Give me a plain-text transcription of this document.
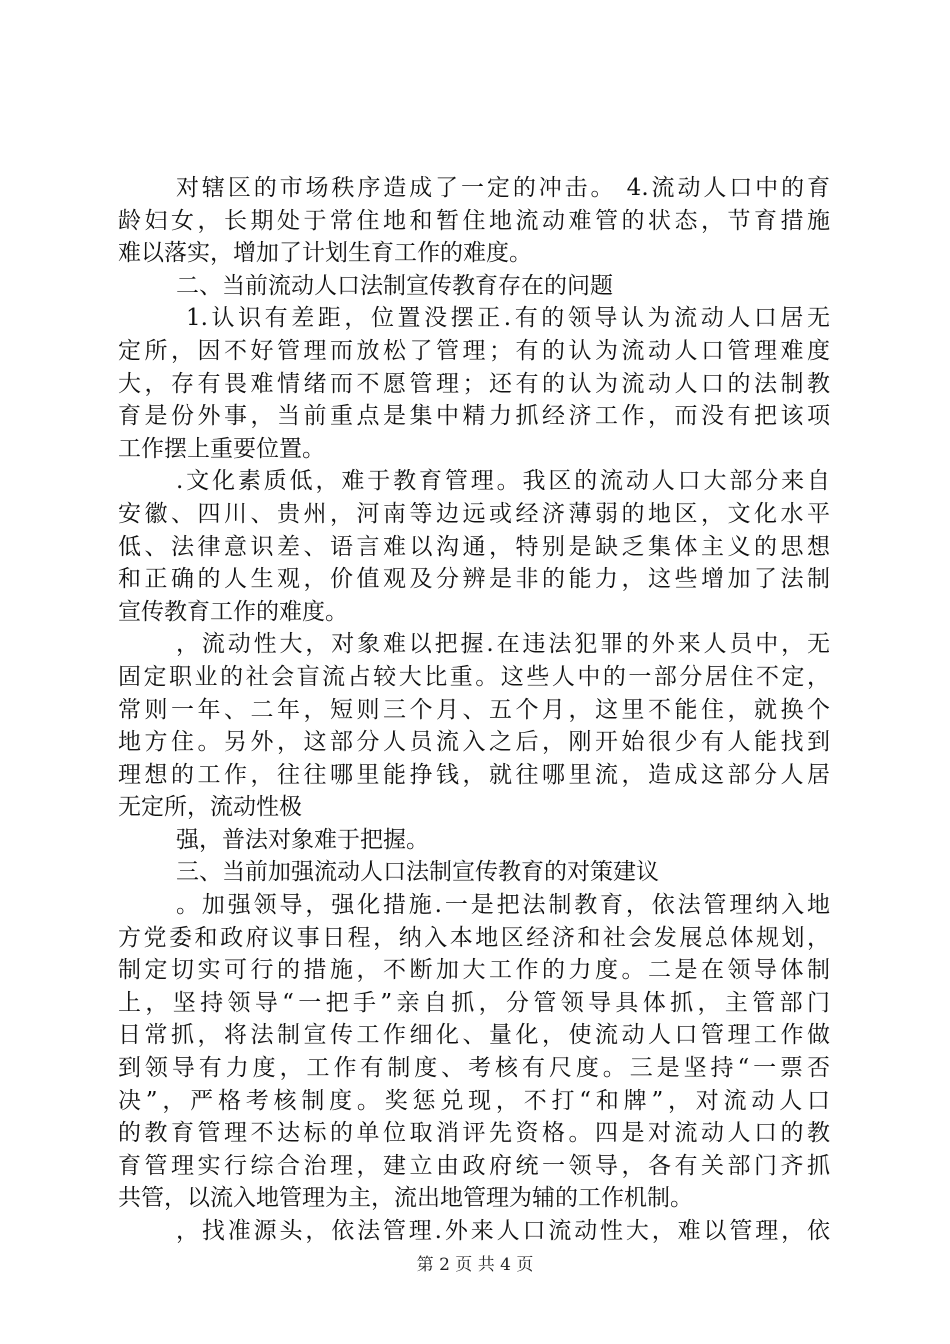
对辖区的市场秩序造成了一定的冲击。 4.流动人口中的育
龄妇女，长期处于常住地和暂住地流动难管的状态，节育措施
难以落实，增加了计划生育工作的难度。
二、当前流动人口法制宣传教育存在的问题
1.认识有差距，位置没摆正.有的领导认为流动人口居无
定所，因不好管理而放松了管理；有的认为流动人口管理难度
大，存有畏难情绪而不愿管理；还有的认为流动人口的法制教
育是份外事，当前重点是集中精力抓经济工作，而没有把该项
工作摆上重要位置。
.文化素质低，难于教育管理。我区的流动人口大部分来自
安徽、四川、贵州，河南等边远或经济薄弱的地区，文化水平
低、法律意识差、语言难以沟通，特别是缺乏集体主义的思想
和正确的人生观，价值观及分辨是非的能力，这些增加了法制
宣传教育工作的难度。
，流动性大，对象难以把握.在违法犯罪的外来人员中，无
固定职业的社会盲流占较大比重。这些人中的一部分居住不定，
常则一年、二年，短则三个月、五个月，这里不能住，就换个
地方住。另外，这部分人员流入之后，刚开始很少有人能找到
理想的工作，往往哪里能挣钱，就往哪里流，造成这部分人居
无定所，流动性极
强，普法对象难于把握。
三、当前加强流动人口法制宣传教育的对策建议
。加强领导，强化措施.一是把法制教育，依法管理纳入地
方党委和政府议事日程，纳入本地区经济和社会发展总体规划，
制定切实可行的措施，不断加大工作的力度。二是在领导体制
上，坚持领导“一把手”亲自抓，分管领导具体抓，主管部门
日常抓，将法制宣传工作细化、量化，使流动人口管理工作做
到领导有力度，工作有制度、考核有尺度。三是坚持“一票否
决”，严格考核制度。奖惩兑现，不打“和牌”，对流动人口
的教育管理不达标的单位取消评先资格。四是对流动人口的教
育管理实行综合治理，建立由政府统一领导，各有关部门齐抓
共管，以流入地管理为主，流出地管理为辅的工作机制。
，找准源头，依法管理.外来人口流动性大，难以管理，依
第 2 页 共 4 页
